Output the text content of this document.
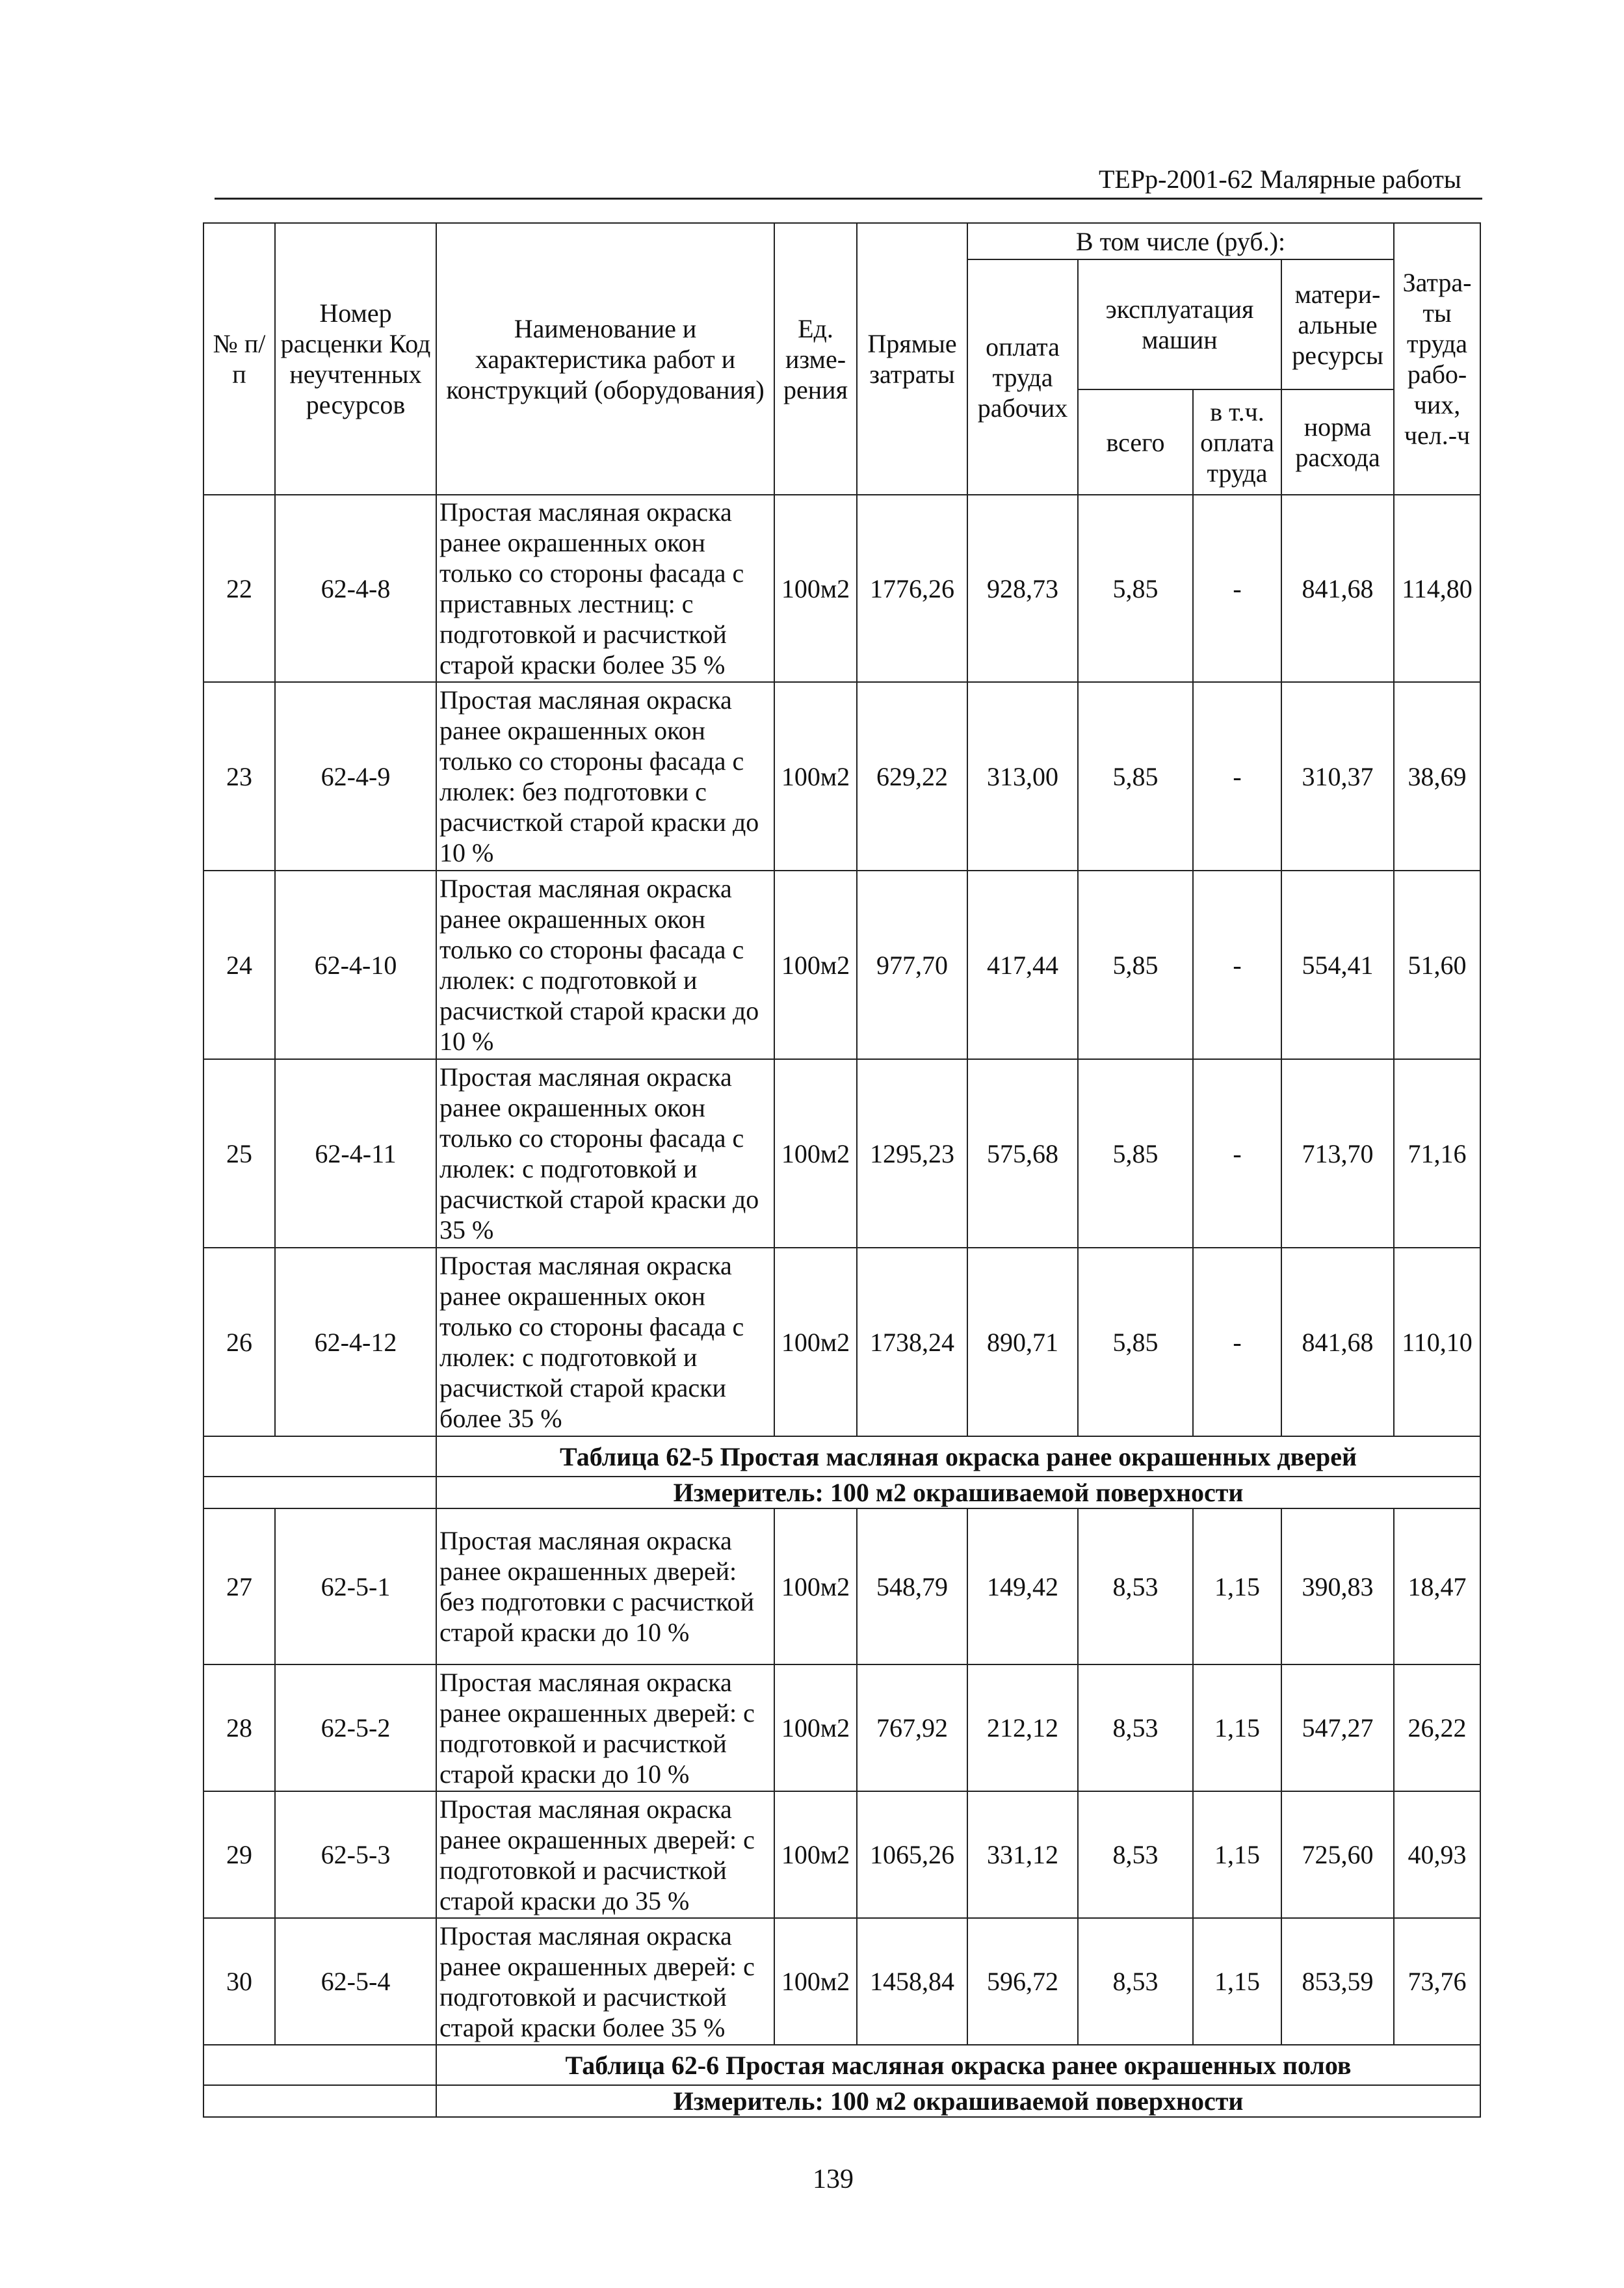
ТЕРр-2001-62 Малярные работы
№ п/п	Номер расценки Код неучтенных ресурсов	Наименование и характеристика работ и конструкций (оборудования)	Ед. изме-рения	Прямые затраты	В том числе (руб.):				Затра-ты труда рабо-чих, чел.-ч
					оплата труда рабочих	эксплуатация машин		матери-альные ресурсы	
						всего	в т.ч. оплата труда	норма расхода	

22	62-4-8	Простая масляная окраска ранее окрашенных окон только со стороны фасада с приставных лестниц: с подготовкой и расчисткой старой краски более 35 %	100м2	1776,26	928,73	5,85	-	841,68	114,80
23	62-4-9	Простая масляная окраска ранее окрашенных окон только со стороны фасада с люлек: без подготовки с расчисткой старой краски до 10 %	100м2	629,22	313,00	5,85	-	310,37	38,69
24	62-4-10	Простая масляная окраска ранее окрашенных окон только со стороны фасада с люлек: с подготовкой и расчисткой старой краски до 10 %	100м2	977,70	417,44	5,85	-	554,41	51,60
25	62-4-11	Простая масляная окраска ранее окрашенных окон только со стороны фасада с люлек: с подготовкой и расчисткой старой краски до 35 %	100м2	1295,23	575,68	5,85	-	713,70	71,16
26	62-4-12	Простая масляная окраска ранее окрашенных окон только со стороны фасада с люлек: с подготовкой и расчисткой старой краски более 35 %	100м2	1738,24	890,71	5,85	-	841,68	110,10
		Таблица 62-5 Простая масляная окраска ранее окрашенных дверей							
		Измеритель: 100 м2 окрашиваемой поверхности							
27	62-5-1	Простая масляная окраска ранее окрашенных дверей: без подготовки с расчисткой старой краски до 10 %	100м2	548,79	149,42	8,53	1,15	390,83	18,47
28	62-5-2	Простая масляная окраска ранее окрашенных дверей: с подготовкой и расчисткой старой краски до 10 %	100м2	767,92	212,12	8,53	1,15	547,27	26,22
29	62-5-3	Простая масляная окраска ранее окрашенных дверей: с подготовкой и расчисткой старой краски до 35 %	100м2	1065,26	331,12	8,53	1,15	725,60	40,93
30	62-5-4	Простая масляная окраска ранее окрашенных дверей: с подготовкой и расчисткой старой краски более 35 %	100м2	1458,84	596,72	8,53	1,15	853,59	73,76
		Таблица 62-6 Простая масляная окраска ранее окрашенных полов							
		Измеритель: 100 м2 окрашиваемой поверхности							
139
